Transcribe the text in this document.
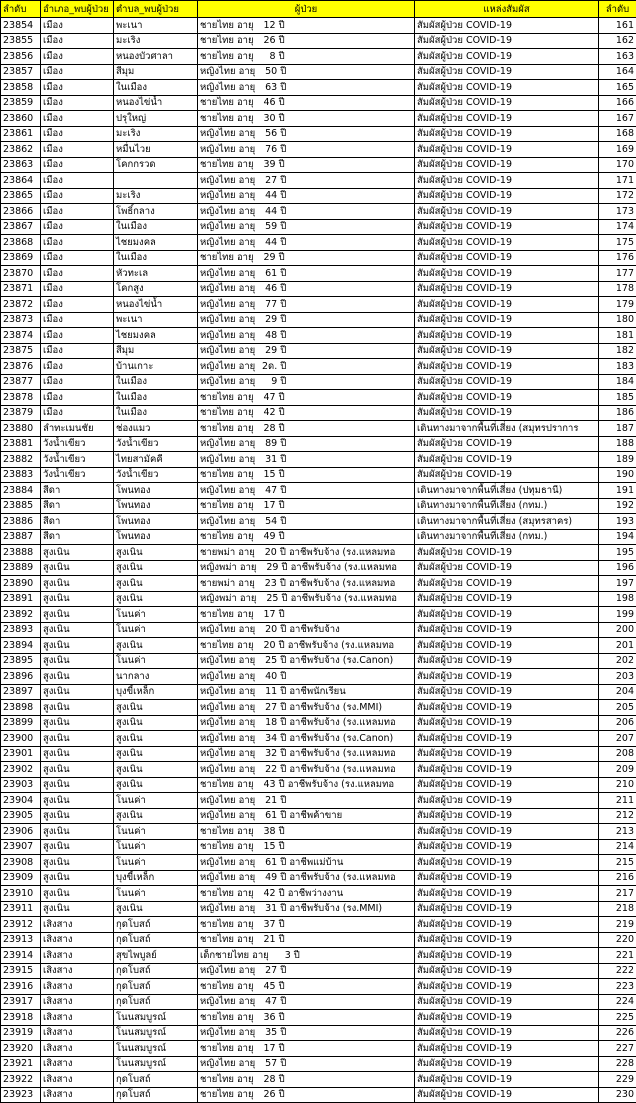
ลำดับ	อำเภอ_พบผู้ป่วย	ตำบล_พบผู้ป่วย	ผู้ป่วย	แหล่งสัมผัส	ลำดับ
23854	เมือง	พะเนา	ชายไทย อายุ 12 ปี	สัมผัสผู้ป่วย COVID-19	161
23855	เมือง	มะเริง	ชายไทย อายุ 26 ปี	สัมผัสผู้ป่วย COVID-19	162
23856	เมือง	หนองบัวศาลา	ชายไทย อายุ 8 ปี	สัมผัสผู้ป่วย COVID-19	163
23857	เมือง	สีมุม	หญิงไทย อายุ 50 ปี	สัมผัสผู้ป่วย COVID-19	164
23858	เมือง	ในเมือง	หญิงไทย อายุ 63 ปี	สัมผัสผู้ป่วย COVID-19	165
23859	เมือง	หนองไข่น้ำ	ชายไทย อายุ 46 ปี	สัมผัสผู้ป่วย COVID-19	166
23860	เมือง	ปรุใหญ่	ชายไทย อายุ 30 ปี	สัมผัสผู้ป่วย COVID-19	167
23861	เมือง	มะเริง	หญิงไทย อายุ 56 ปี	สัมผัสผู้ป่วย COVID-19	168
23862	เมือง	หมื่นไวย	หญิงไทย อายุ 76 ปี	สัมผัสผู้ป่วย COVID-19	169
23863	เมือง	โคกกรวด	ชายไทย อายุ 39 ปี	สัมผัสผู้ป่วย COVID-19	170
23864	เมือง		หญิงไทย อายุ 27 ปี	สัมผัสผู้ป่วย COVID-19	171
23865	เมือง	มะเริง	หญิงไทย อายุ 44 ปี	สัมผัสผู้ป่วย COVID-19	172
23866	เมือง	โพธิ์กลาง	หญิงไทย อายุ 44 ปี	สัมผัสผู้ป่วย COVID-19	173
23867	เมือง	ในเมือง	หญิงไทย อายุ 59 ปี	สัมผัสผู้ป่วย COVID-19	174
23868	เมือง	ไชยมงคล	หญิงไทย อายุ 44 ปี	สัมผัสผู้ป่วย COVID-19	175
23869	เมือง	ในเมือง	ชายไทย อายุ 29 ปี	สัมผัสผู้ป่วย COVID-19	176
23870	เมือง	หัวทะเล	หญิงไทย อายุ 61 ปี	สัมผัสผู้ป่วย COVID-19	177
23871	เมือง	โคกสูง	หญิงไทย อายุ 46 ปี	สัมผัสผู้ป่วย COVID-19	178
23872	เมือง	หนองไข่น้ำ	หญิงไทย อายุ 77 ปี	สัมผัสผู้ป่วย COVID-19	179
23873	เมือง	พะเนา	หญิงไทย อายุ 29 ปี	สัมผัสผู้ป่วย COVID-19	180
23874	เมือง	ไชยมงคล	หญิงไทย อายุ 48 ปี	สัมผัสผู้ป่วย COVID-19	181
23875	เมือง	สีมุม	หญิงไทย อายุ 29 ปี	สัมผัสผู้ป่วย COVID-19	182
23876	เมือง	บ้านเกาะ	หญิงไทย อายุ 2ด. ปี	สัมผัสผู้ป่วย COVID-19	183
23877	เมือง	ในเมือง	หญิงไทย อายุ 9 ปี	สัมผัสผู้ป่วย COVID-19	184
23878	เมือง	ในเมือง	ชายไทย อายุ 47 ปี	สัมผัสผู้ป่วย COVID-19	185
23879	เมือง	ในเมือง	ชายไทย อายุ 42 ปี	สัมผัสผู้ป่วย COVID-19	186
23880	ลำทะเมนชัย	ช่องแมว	ชายไทย อายุ 28 ปี	เดินทางมาจากพื้นที่เสี่ยง (สมุทรปราการ	187
23881	วังน้ำเขียว	วังน้ำเขียว	หญิงไทย อายุ 89 ปี	สัมผัสผู้ป่วย COVID-19	188
23882	วังน้ำเขียว	ไทยสามัคคี	หญิงไทย อายุ 31 ปี	สัมผัสผู้ป่วย COVID-19	189
23883	วังน้ำเขียว	วังน้ำเขียว	ชายไทย อายุ 15 ปี	สัมผัสผู้ป่วย COVID-19	190
23884	สีดา	โพนทอง	หญิงไทย อายุ 47 ปี	เดินทางมาจากพื้นที่เสี่ยง (ปทุมธานี)	191
23885	สีดา	โพนทอง	ชายไทย อายุ 17 ปี	เดินทางมาจากพื้นที่เสี่ยง (กทม.)	192
23886	สีดา	โพนทอง	หญิงไทย อายุ 54 ปี	เดินทางมาจากพื้นที่เสี่ยง (สมุทรสาคร)	193
23887	สีดา	โพนทอง	ชายไทย อายุ 49 ปี	เดินทางมาจากพื้นที่เสี่ยง (กทม.)	194
23888	สูงเนิน	สูงเนิน	ชายพม่า อายุ 20 ปี อาชีพรับจ้าง (รง.แหลมทอ	สัมผัสผู้ป่วย COVID-19	195
23889	สูงเนิน	สูงเนิน	หญิงพม่า อายุ 29 ปี อาชีพรับจ้าง (รง.แหลมทอ	สัมผัสผู้ป่วย COVID-19	196
23890	สูงเนิน	สูงเนิน	ชายพม่า อายุ 23 ปี อาชีพรับจ้าง (รง.แหลมทอ	สัมผัสผู้ป่วย COVID-19	197
23891	สูงเนิน	สูงเนิน	หญิงพม่า อายุ 25 ปี อาชีพรับจ้าง (รง.แหลมทอ	สัมผัสผู้ป่วย COVID-19	198
23892	สูงเนิน	โนนค่า	ชายไทย อายุ 17 ปี	สัมผัสผู้ป่วย COVID-19	199
23893	สูงเนิน	โนนค่า	หญิงไทย อายุ 20 ปี อาชีพรับจ้าง	สัมผัสผู้ป่วย COVID-19	200
23894	สูงเนิน	สูงเนิน	ชายไทย อายุ 20 ปี อาชีพรับจ้าง (รง.แหลมทอ	สัมผัสผู้ป่วย COVID-19	201
23895	สูงเนิน	โนนค่า	หญิงไทย อายุ 25 ปี อาชีพรับจ้าง (รง.Canon)	สัมผัสผู้ป่วย COVID-19	202
23896	สูงเนิน	นากลาง	หญิงไทย อายุ 40 ปี	สัมผัสผู้ป่วย COVID-19	203
23897	สูงเนิน	บุงขี้เหล็ก	หญิงไทย อายุ 11 ปี อาชีพนักเรียน	สัมผัสผู้ป่วย COVID-19	204
23898	สูงเนิน	สูงเนิน	หญิงไทย อายุ 27 ปี อาชีพรับจ้าง (รง.MMI)	สัมผัสผู้ป่วย COVID-19	205
23899	สูงเนิน	สูงเนิน	หญิงไทย อายุ 18 ปี อาชีพรับจ้าง (รง.แหลมทอ	สัมผัสผู้ป่วย COVID-19	206
23900	สูงเนิน	สูงเนิน	หญิงไทย อายุ 34 ปี อาชีพรับจ้าง (รง.Canon)	สัมผัสผู้ป่วย COVID-19	207
23901	สูงเนิน	สูงเนิน	หญิงไทย อายุ 32 ปี อาชีพรับจ้าง (รง.แหลมทอ	สัมผัสผู้ป่วย COVID-19	208
23902	สูงเนิน	สูงเนิน	หญิงไทย อายุ 22 ปี อาชีพรับจ้าง (รง.แหลมทอ	สัมผัสผู้ป่วย COVID-19	209
23903	สูงเนิน	สูงเนิน	ชายไทย อายุ 43 ปี อาชีพรับจ้าง (รง.แหลมทอ	สัมผัสผู้ป่วย COVID-19	210
23904	สูงเนิน	โนนค่า	หญิงไทย อายุ 21 ปี	สัมผัสผู้ป่วย COVID-19	211
23905	สูงเนิน	สูงเนิน	หญิงไทย อายุ 61 ปี อาชีพค้าขาย	สัมผัสผู้ป่วย COVID-19	212
23906	สูงเนิน	โนนค่า	ชายไทย อายุ 38 ปี	สัมผัสผู้ป่วย COVID-19	213
23907	สูงเนิน	โนนค่า	ชายไทย อายุ 15 ปี	สัมผัสผู้ป่วย COVID-19	214
23908	สูงเนิน	โนนค่า	หญิงไทย อายุ 61 ปี อาชีพแม่บ้าน	สัมผัสผู้ป่วย COVID-19	215
23909	สูงเนิน	บุงขี้เหล็ก	หญิงไทย อายุ 49 ปี อาชีพรับจ้าง (รง.แหลมทอ	สัมผัสผู้ป่วย COVID-19	216
23910	สูงเนิน	โนนค่า	ชายไทย อายุ 42 ปี อาชีพว่างงาน	สัมผัสผู้ป่วย COVID-19	217
23911	สูงเนิน	สูงเนิน	หญิงไทย อายุ 31 ปี อาชีพรับจ้าง (รง.MMI)	สัมผัสผู้ป่วย COVID-19	218
23912	เสิงสาง	กุดโบสถ์	ชายไทย อายุ 37 ปี	สัมผัสผู้ป่วย COVID-19	219
23913	เสิงสาง	กุดโบสถ์	ชายไทย อายุ 21 ปี	สัมผัสผู้ป่วย COVID-19	220
23914	เสิงสาง	สุขไพบูลย์	เด็กชายไทย อายุ 3 ปี	สัมผัสผู้ป่วย COVID-19	221
23915	เสิงสาง	กุดโบสถ์	หญิงไทย อายุ 27 ปี	สัมผัสผู้ป่วย COVID-19	222
23916	เสิงสาง	กุดโบสถ์	ชายไทย อายุ 45 ปี	สัมผัสผู้ป่วย COVID-19	223
23917	เสิงสาง	กุดโบสถ์	หญิงไทย อายุ 47 ปี	สัมผัสผู้ป่วย COVID-19	224
23918	เสิงสาง	โนนสมบูรณ์	ชายไทย อายุ 36 ปี	สัมผัสผู้ป่วย COVID-19	225
23919	เสิงสาง	โนนสมบูรณ์	หญิงไทย อายุ 35 ปี	สัมผัสผู้ป่วย COVID-19	226
23920	เสิงสาง	โนนสมบูรณ์	ชายไทย อายุ 17 ปี	สัมผัสผู้ป่วย COVID-19	227
23921	เสิงสาง	โนนสมบูรณ์	หญิงไทย อายุ 57 ปี	สัมผัสผู้ป่วย COVID-19	228
23922	เสิงสาง	กุดโบสถ์	ชายไทย อายุ 28 ปี	สัมผัสผู้ป่วย COVID-19	229
23923	เสิงสาง	กุดโบสถ์	ชายไทย อายุ 26 ปี	สัมผัสผู้ป่วย COVID-19	230
